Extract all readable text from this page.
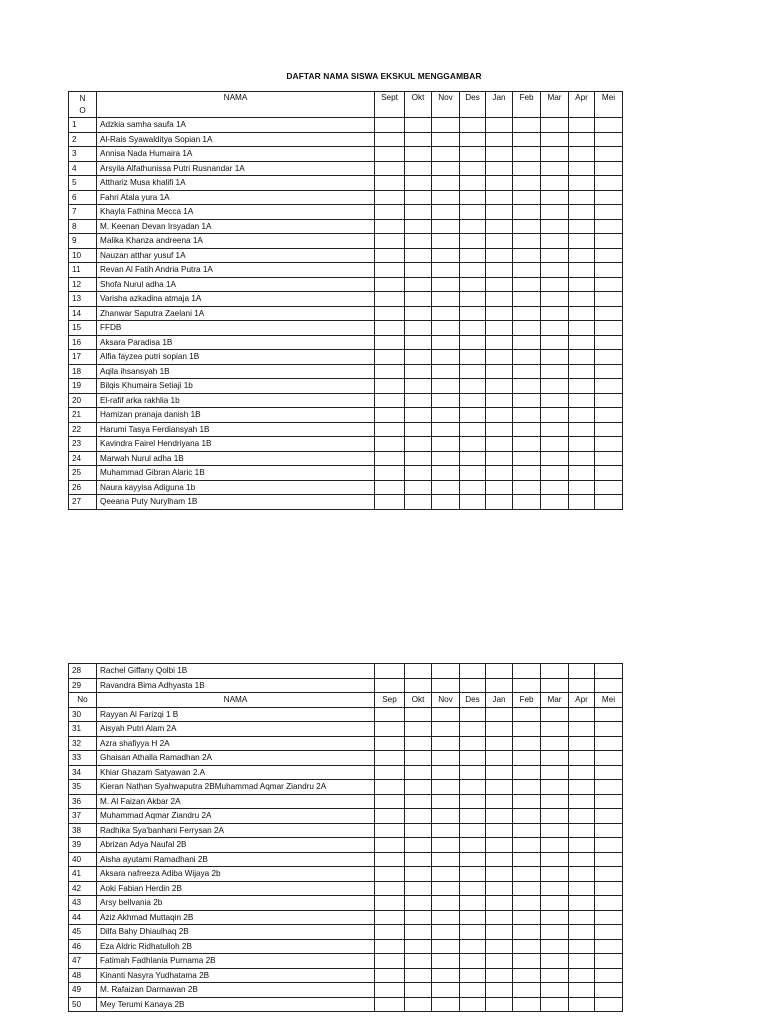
DAFTAR NAMA SISWA EKSKUL MENGGAMBAR
N
O	NAMA	Sept	Okt	Nov	Des	Jan	Feb	Mar	Apr	Mei
1	Adzkia samha saufa 1A									
2	Al-Rais Syawalditya Sopian 1A									
3	Annisa Nada Humaira 1A									
4	Arsyila Alfathunissa Putri Rusnandar 1A									
5	Atthariz Musa khalifi 1A									
6	Fahri Atala yura 1A									
7	Khayla Fathina Mecca 1A									
8	M. Keenan Devan Irsyadan 1A									
9	Malika Khanza andreena 1A									
10	Nauzan atthar yusuf 1A									
11	Revan Al Fatih Andria Putra 1A									
12	Shofa Nurul adha 1A									
13	Varisha azkadina atmaja 1A									
14	Zhanwar Saputra Zaelani 1A									
15	FFDB									
16	Aksara Paradisa 1B									
17	Alfia fayzea putri sopian 1B									
18	Aqila ihsansyah 1B									
19	Bilqis Khumaira Setiaji 1b									
20	El-rafif arka rakhlia 1b									
21	Hamizan pranaja danish 1B									
22	Harumi Tasya Ferdiansyah 1B									
23	Kavindra Fairel Hendriyana 1B									
24	Marwah Nurul adha 1B									
25	Muhammad Gibran Alaric 1B									
26	Naura kayyisa Adiguna 1b									
27	Qeeana Puty Nurylham 1B									
28	Rachel Giffany Qolbi 1B									
29	Ravandra Bima Adhyasta 1B									
No	NAMA	Sep	Okt	Nov	Des	Jan	Feb	Mar	Apr	Mei
30	Rayyan Al Farizqi 1 B									
31	Aisyah Putri Alam 2A									
32	Azra shafiyya H 2A									
33	Ghaisan Athalla Ramadhan 2A									
34	Khiar Ghazam Satyawan 2.A									
35	Kieran Nathan Syahwaputra 2BMuhammad Aqmar Ziandru 2A									
36	M. Al Faizan Akbar 2A									
37	Muhammad Aqmar Ziandru 2A									
38	Radhika Sya'banhani Ferrysan 2A									
39	Abrizan Adya Naufal 2B									
40	Aisha ayutami Ramadhani 2B									
41	Aksara nafreeza Adiba Wijaya 2b									
42	Aoki Fabian Herdin 2B									
43	Arsy bellvania 2b									
44	Aziz Akhmad Muttaqin 2B									
45	Dilfa Bahy Dhiaulhaq 2B									
46	Eza Aldric Ridhatulloh 2B									
47	Fatimah Fadhlania Purnama 2B									
48	Kinanti Nasyra Yudhatama 2B									
49	M. Rafaizan Darmawan 2B									
50	Mey Terumi Kanaya 2B									
